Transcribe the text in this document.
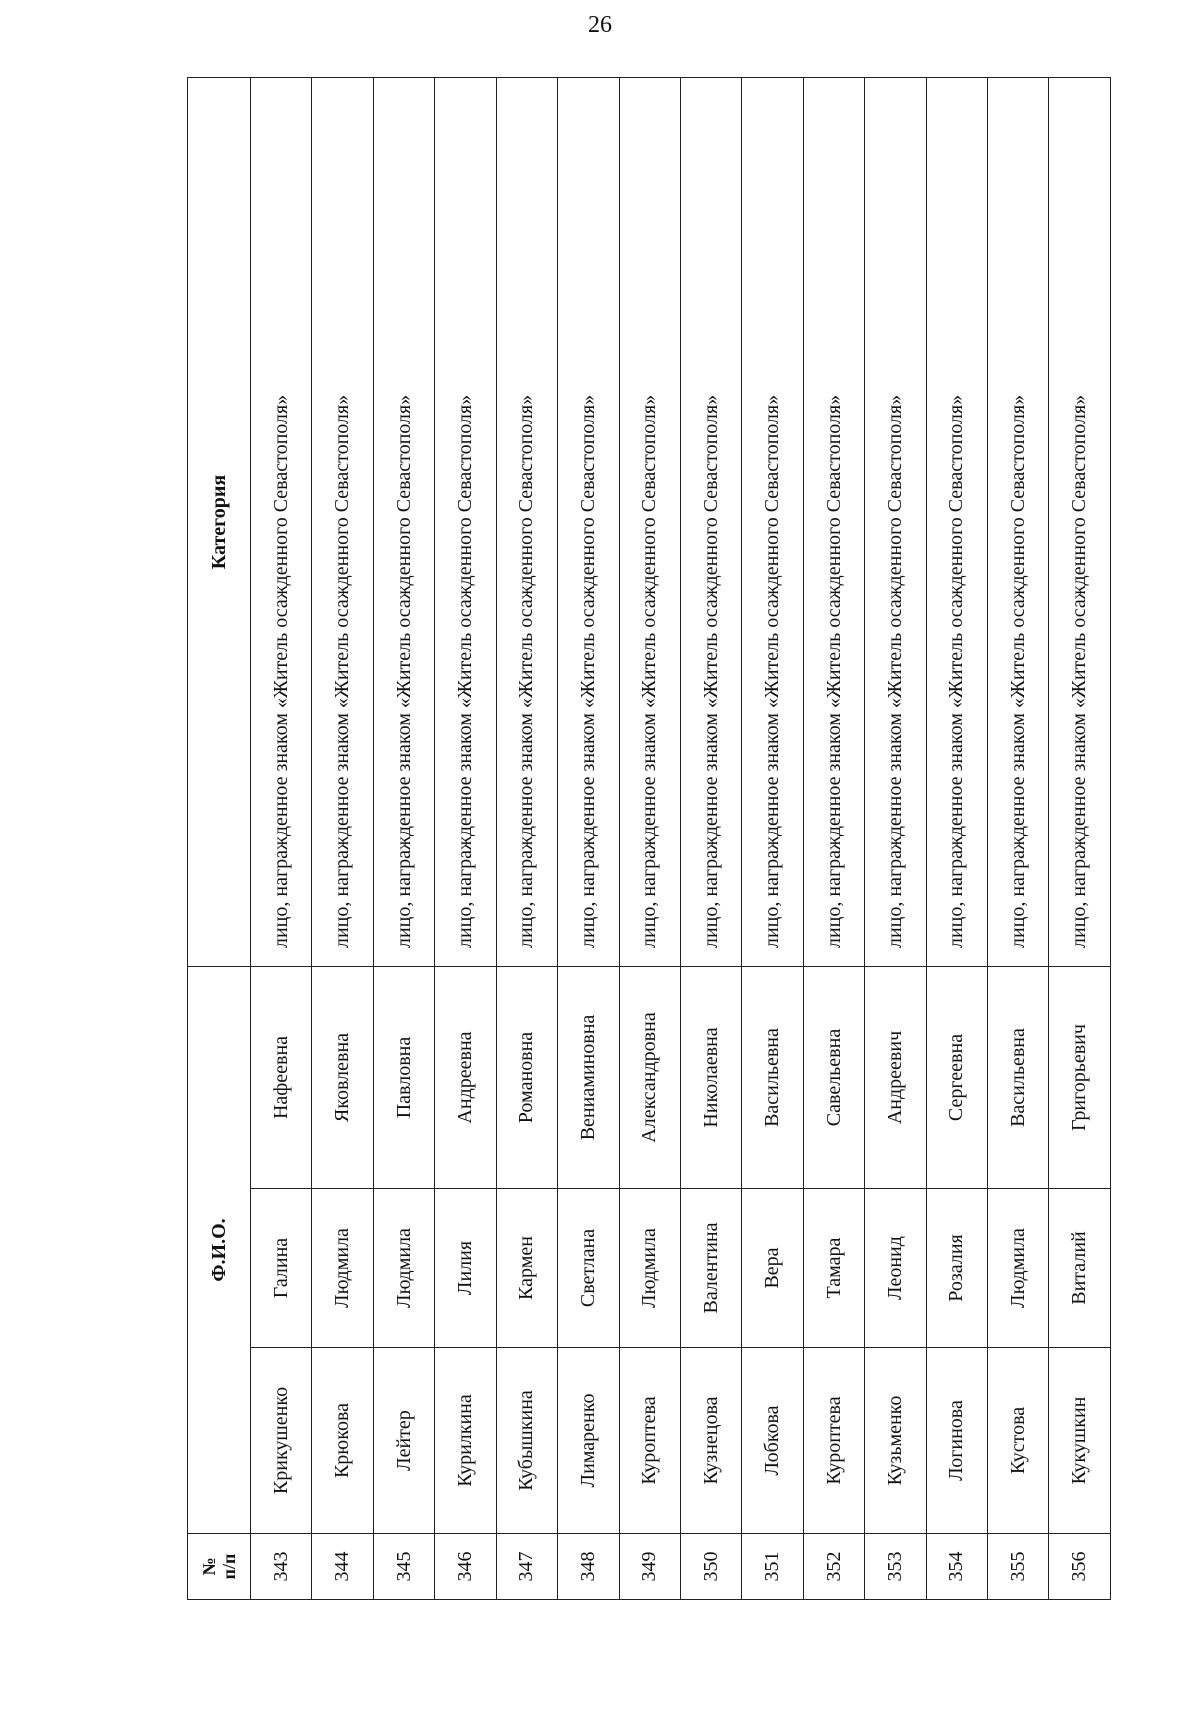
26
№ п/п	Ф.И.О.			Категория
343	Крикушенко	Галина	Нафеевна	лицо, награжденное знаком «Житель осажденного Севастополя»
344	Крюкова	Людмила	Яковлевна	лицо, награжденное знаком «Житель осажденного Севастополя»
345	Лейтер	Людмила	Павловна	лицо, награжденное знаком «Житель осажденного Севастополя»
346	Курилкина	Лилия	Андреевна	лицо, награжденное знаком «Житель осажденного Севастополя»
347	Кубышкина	Кармен	Романовна	лицо, награжденное знаком «Житель осажденного Севастополя»
348	Лимаренко	Светлана	Вениаминовна	лицо, награжденное знаком «Житель осажденного Севастополя»
349	Куроптева	Людмила	Александровна	лицо, награжденное знаком «Житель осажденного Севастополя»
350	Кузнецова	Валентина	Николаевна	лицо, награжденное знаком «Житель осажденного Севастополя»
351	Лобкова	Вера	Васильевна	лицо, награжденное знаком «Житель осажденного Севастополя»
352	Куроптева	Тамара	Савельевна	лицо, награжденное знаком «Житель осажденного Севастополя»
353	Кузьменко	Леонид	Андреевич	лицо, награжденное знаком «Житель осажденного Севастополя»
354	Логинова	Розалия	Сергеевна	лицо, награжденное знаком «Житель осажденного Севастополя»
355	Кустова	Людмила	Васильевна	лицо, награжденное знаком «Житель осажденного Севастополя»
356	Кукушкин	Виталий	Григорьевич	лицо, награжденное знаком «Житель осажденного Севастополя»
